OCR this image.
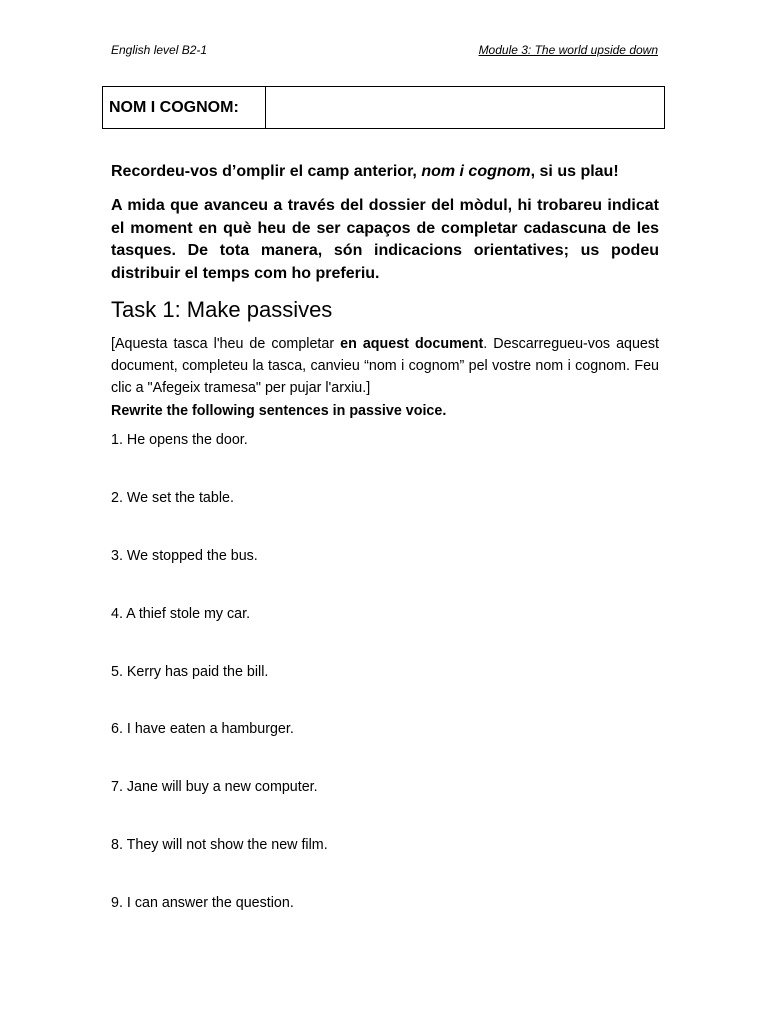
English level B2-1	Module 3: The world upside down
NOM I COGNOM:
Recordeu-vos d’omplir el camp anterior, nom i cognom, si us plau!
A mida que avanceu a través del dossier del mòdul, hi trobareu indicat el moment en què heu de ser capaços de completar cadascuna de les tasques. De tota manera, són indicacions orientatives; us podeu distribuir el temps com ho preferiu.
Task 1: Make passives
[Aquesta tasca l'heu de completar en aquest document. Descarregueu-vos aquest document, completeu la tasca, canvieu “nom i cognom” pel vostre nom i cognom. Feu clic a "Afegeix tramesa" per pujar l'arxiu.]
Rewrite the following sentences in passive voice.
1. He opens the door.
2. We set the table.
3. We stopped the bus.
4. A thief stole my car.
5. Kerry has paid the bill.
6. I have eaten a hamburger.
7. Jane will buy a new computer.
8. They will not show the new film.
9. I can answer the question.
